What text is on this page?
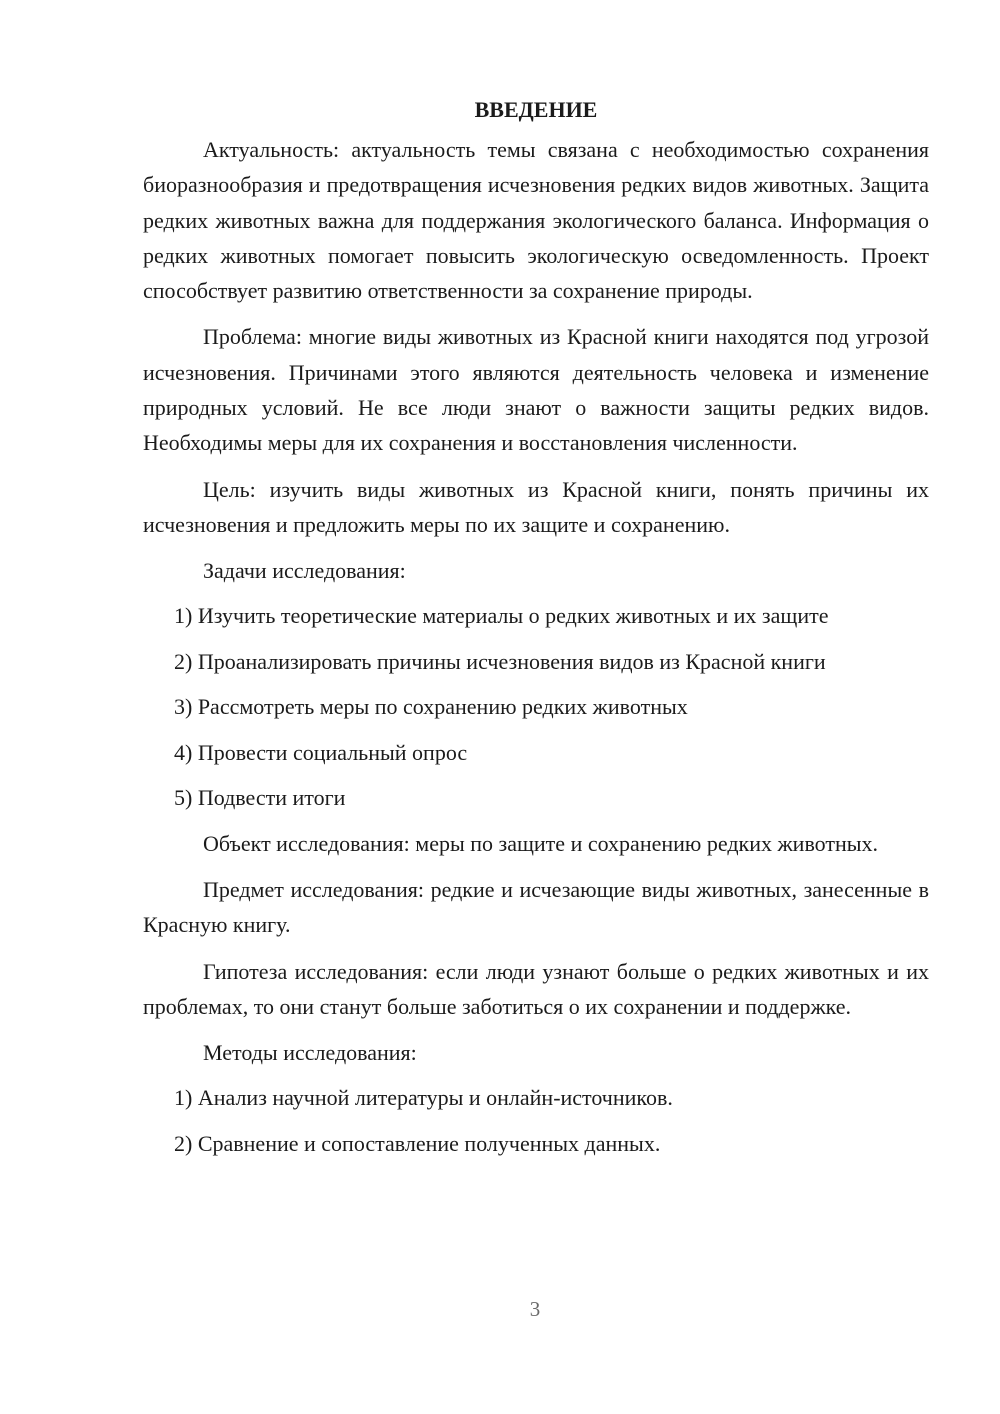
ВВЕДЕНИЕ

Актуальность: актуальность темы связана с необходимостью сохранения биоразнообразия и предотвращения исчезновения редких видов животных. Защита редких животных важна для поддержания экологического баланса. Информация о редких животных помогает повысить экологическую осведомленность. Проект способствует развитию ответственности за сохранение природы.

Проблема: многие виды животных из Красной книги находятся под угрозой исчезновения. Причинами этого являются деятельность человека и изменение природных условий. Не все люди знают о важности защиты редких видов. Необходимы меры для их сохранения и восстановления численности.

Цель: изучить виды животных из Красной книги, понять причины их исчезновения и предложить меры по их защите и сохранению.

Задачи исследования:

1) Изучить теоретические материалы о редких животных и их защите

2) Проанализировать причины исчезновения видов из Красной книги

3) Рассмотреть меры по сохранению редких животных

4) Провести социальный опрос

5) Подвести итоги

Объект исследования: меры по защите и сохранению редких животных.

Предмет исследования: редкие и исчезающие виды животных, занесенные в Красную книгу.

Гипотеза исследования: если люди узнают больше о редких животных и их проблемах, то они станут больше заботиться о их сохранении и поддержке.

Методы исследования:

1) Анализ научной литературы и онлайн-источников.

2) Сравнение и сопоставление полученных данных.

3
